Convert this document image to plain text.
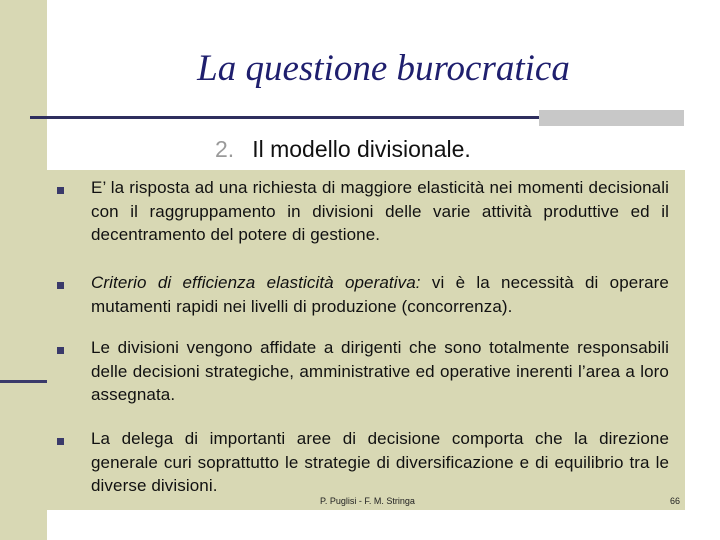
La questione burocratica
2. Il modello divisionale.
E’ la risposta ad una richiesta di maggiore elasticità nei momenti decisionali con il raggruppamento in divisioni delle varie attività produttive ed il decentramento del potere di gestione.
Criterio di efficienza elasticità operativa: vi è la necessità di operare mutamenti rapidi nei livelli di produzione (concorrenza).
Le divisioni vengono affidate a dirigenti che sono totalmente responsabili delle decisioni strategiche, amministrative ed operative inerenti l’area a loro assegnata.
La delega di importanti aree di decisione comporta che la direzione generale curi soprattutto le strategie di diversificazione e di equilibrio tra le diverse divisioni.
P. Puglisi - F. M. Stringa	66
